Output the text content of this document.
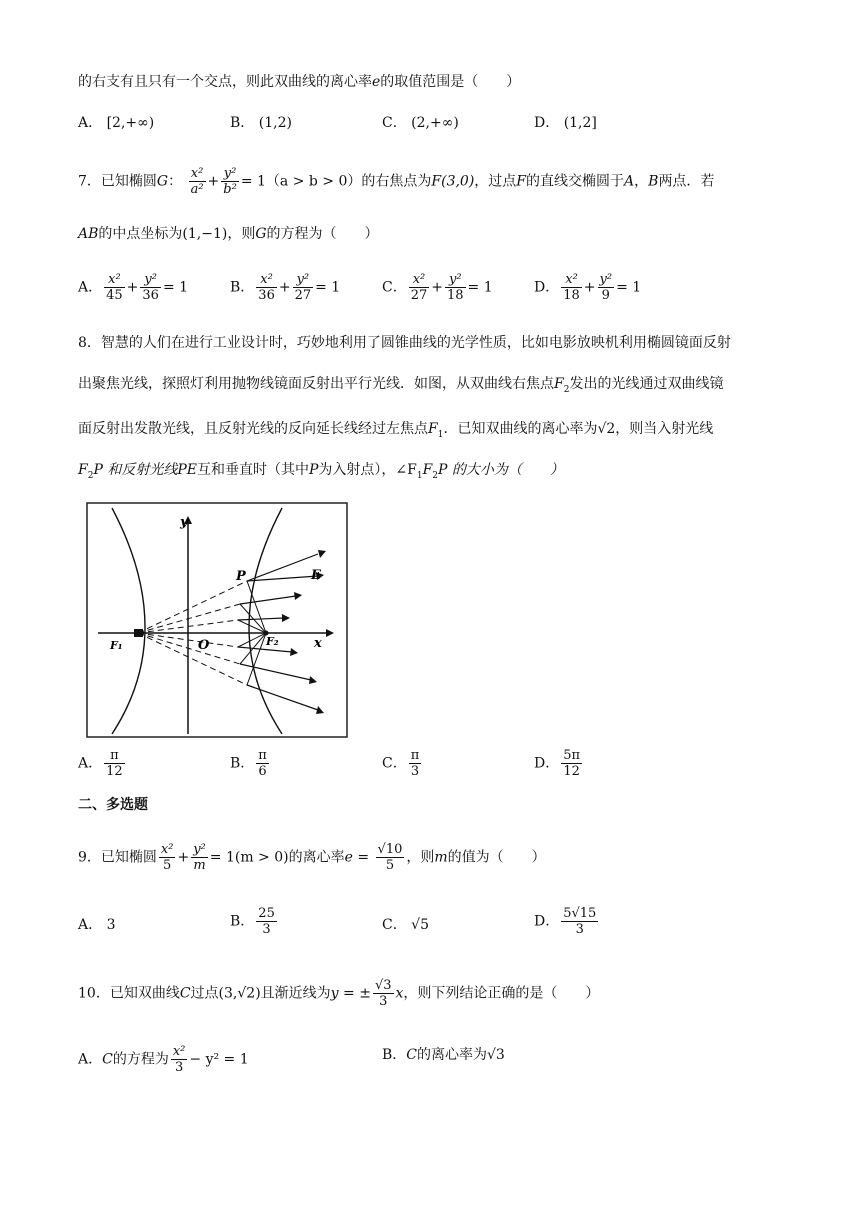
的右支有且只有一个交点，则此双曲线的离心率e的取值范围是（　　）
A． [2,+∞)	B． (1,2)	C． (2,+∞)	D． (1,2]
7．已知椭圆G： $\frac{\text{x²}}{\text{a²}} + \frac{\text{y²}}{\text{b²}} = 1(a > b > 0)$的右焦点为F(3,0)，过点F的直线交椭圆于A，B两点．若
AB的中点坐标为(1,−1)，则G的方程为（　　）
A． $\frac{\text{x²}}{45} + \frac{\text{y²}}{36} = 1$	B． $\frac{\text{x²}}{36} + \frac{\text{y²}}{27} = 1$	C． $\frac{\text{x²}}{27} + \frac{\text{y²}}{18} = 1$	D． $\frac{\text{x²}}{18} + \frac{\text{y²}}{9} = 1$
8．智慧的人们在进行工业设计时，巧妙地利用了圆锥曲线的光学性质，比如电影放映机利用椭圆镜面反射
出聚焦光线，探照灯利用抛物线镜面反射出平行光线．如图，从双曲线右焦点$F_2$发出的光线通过双曲线镜
面反射出发散光线，且反射光线的反向延长线经过左焦点$F_1$．已知双曲线的离心率为√2，则当入射光线
$F_2P$ 和反射光线PE互和垂直时（其中P为入射点），$\angle F_1F_2P$ 的大小为（　　）
y
x
O
P	E
F₁	F₂
A． $\frac{\pi}{12}$	B． $\frac{\pi}{6}$	C． $\frac{\pi}{3}$	D． $\frac{5\pi}{12}$
二、多选题
9．已知椭圆 $\frac{\text{x²}}{5} + \frac{\text{y²}}{m} = 1(m > 0)$的离心率$e = \frac{√10}{5}$ ，则m的值为（　　）
A． 3	B． $\frac{25}{3}$	C． √5	D． $\frac{5√15}{3}$
10．已知双曲线C过点(3,√2)且渐近线为y = ± $\frac{√3}{3}$ x，则下列结论正确的是（　　）
A．C的方程为 $\frac{\text{x²}}{3} - y^2 = 1$	B．C的离心率为√3
